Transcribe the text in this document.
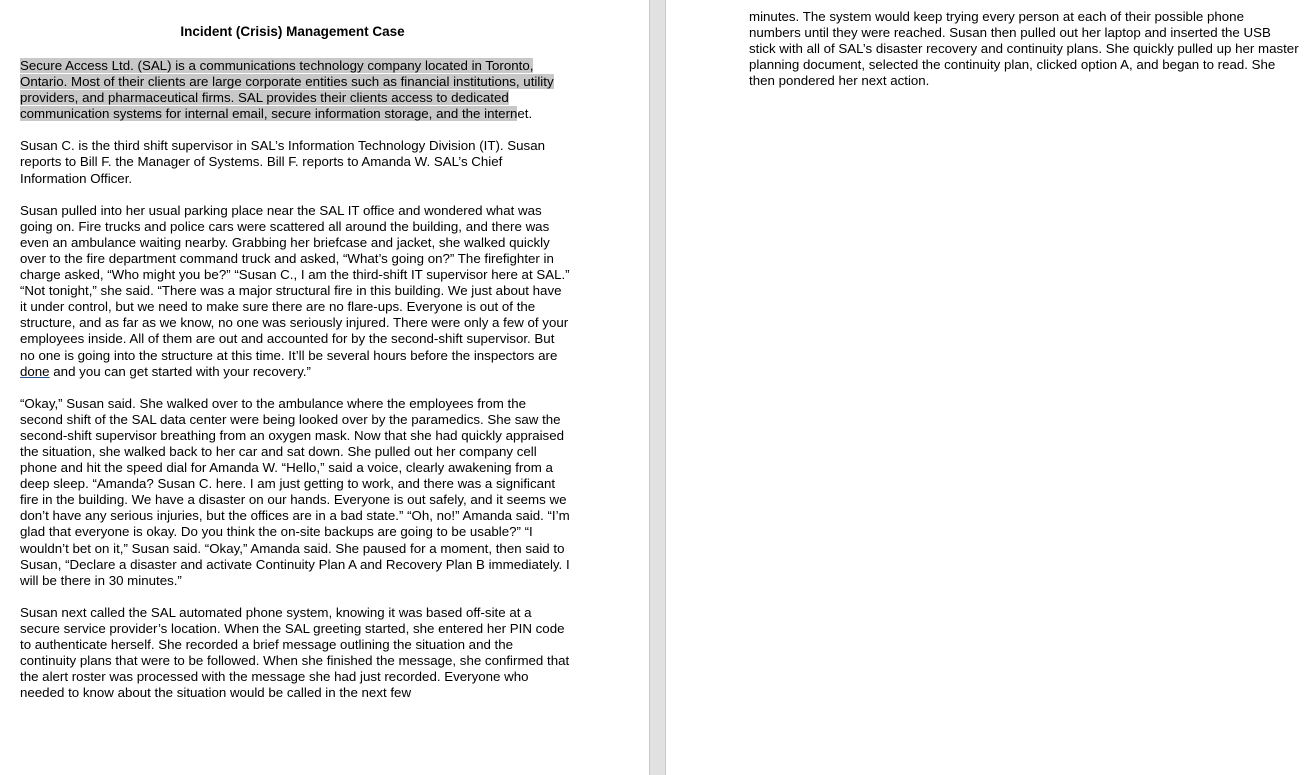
Incident (Crisis) Management Case

Secure Access Ltd. (SAL) is a communications technology company located in Toronto, Ontario. Most of their clients are large corporate entities such as financial institutions, utility providers, and pharmaceutical firms. SAL provides their clients access to dedicated communication systems for internal email, secure information storage, and the internet.

Susan C. is the third shift supervisor in SAL’s Information Technology Division (IT). Susan reports to Bill F. the Manager of Systems. Bill F. reports to Amanda W. SAL’s Chief Information Officer.

Susan pulled into her usual parking place near the SAL IT office and wondered what was going on. Fire trucks and police cars were scattered all around the building, and there was even an ambulance waiting nearby. Grabbing her briefcase and jacket, she walked quickly over to the fire department command truck and asked, “What’s going on?” The firefighter in charge asked, “Who might you be?” “Susan C., I am the third-shift IT supervisor here at SAL.” “Not tonight,” she said. “There was a major structural fire in this building. We just about have it under control, but we need to make sure there are no flare-ups. Everyone is out of the structure, and as far as we know, no one was seriously injured. There were only a few of your employees inside. All of them are out and accounted for by the second-shift supervisor. But no one is going into the structure at this time. It’ll be several hours before the inspectors are done and you can get started with your recovery.”

“Okay,” Susan said. She walked over to the ambulance where the employees from the second shift of the SAL data center were being looked over by the paramedics. She saw the second-shift supervisor breathing from an oxygen mask. Now that she had quickly appraised the situation, she walked back to her car and sat down. She pulled out her company cell phone and hit the speed dial for Amanda W. “Hello,” said a voice, clearly awakening from a deep sleep. “Amanda? Susan C. here. I am just getting to work, and there was a significant fire in the building. We have a disaster on our hands. Everyone is out safely, and it seems we don’t have any serious injuries, but the offices are in a bad state.” “Oh, no!” Amanda said. “I’m glad that everyone is okay. Do you think the on-site backups are going to be usable?” “I wouldn’t bet on it,” Susan said. “Okay,” Amanda said. She paused for a moment, then said to Susan, “Declare a disaster and activate Continuity Plan A and Recovery Plan B immediately. I will be there in 30 minutes.”

Susan next called the SAL automated phone system, knowing it was based off-site at a secure service provider’s location. When the SAL greeting started, she entered her PIN code to authenticate herself. She recorded a brief message outlining the situation and the continuity plans that were to be followed. When she finished the message, she confirmed that the alert roster was processed with the message she had just recorded. Everyone who needed to know about the situation would be called in the next few

minutes. The system would keep trying every person at each of their possible phone numbers until they were reached. Susan then pulled out her laptop and inserted the USB stick with all of SAL’s disaster recovery and continuity plans. She quickly pulled up her master planning document, selected the continuity plan, clicked option A, and began to read. She then pondered her next action.
